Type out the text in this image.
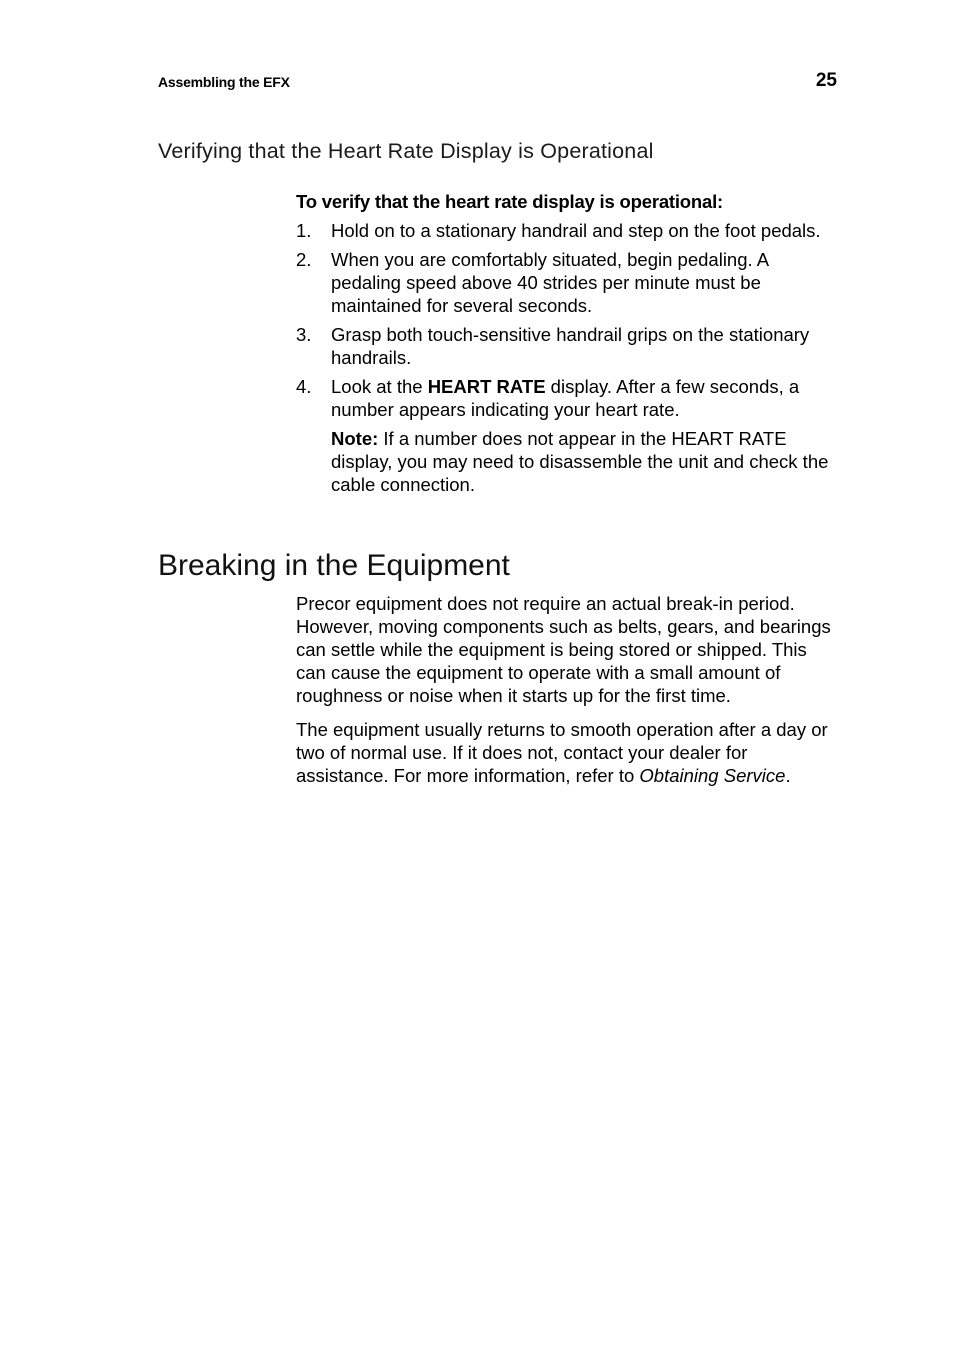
Assembling the EFX	25
Verifying that the Heart Rate Display is Operational

To verify that the heart rate display is operational:

1.	Hold on to a stationary handrail and step on the foot pedals.
2.	When you are comfortably situated, begin pedaling. A pedaling speed above 40 strides per minute must be maintained for several seconds.
3.	Grasp both touch-sensitive handrail grips on the stationary handrails.
4.	Look at the HEART RATE display. After a few seconds, a number appears indicating your heart rate.

Note: If a number does not appear in the HEART RATE display, you may need to disassemble the unit and check the cable connection.

Breaking in the Equipment

Precor equipment does not require an actual break-in period. However, moving components such as belts, gears, and bearings can settle while the equipment is being stored or shipped. This can cause the equipment to operate with a small amount of roughness or noise when it starts up for the first time.

The equipment usually returns to smooth operation after a day or two of normal use. If it does not, contact your dealer for assistance. For more information, refer to Obtaining Service.
